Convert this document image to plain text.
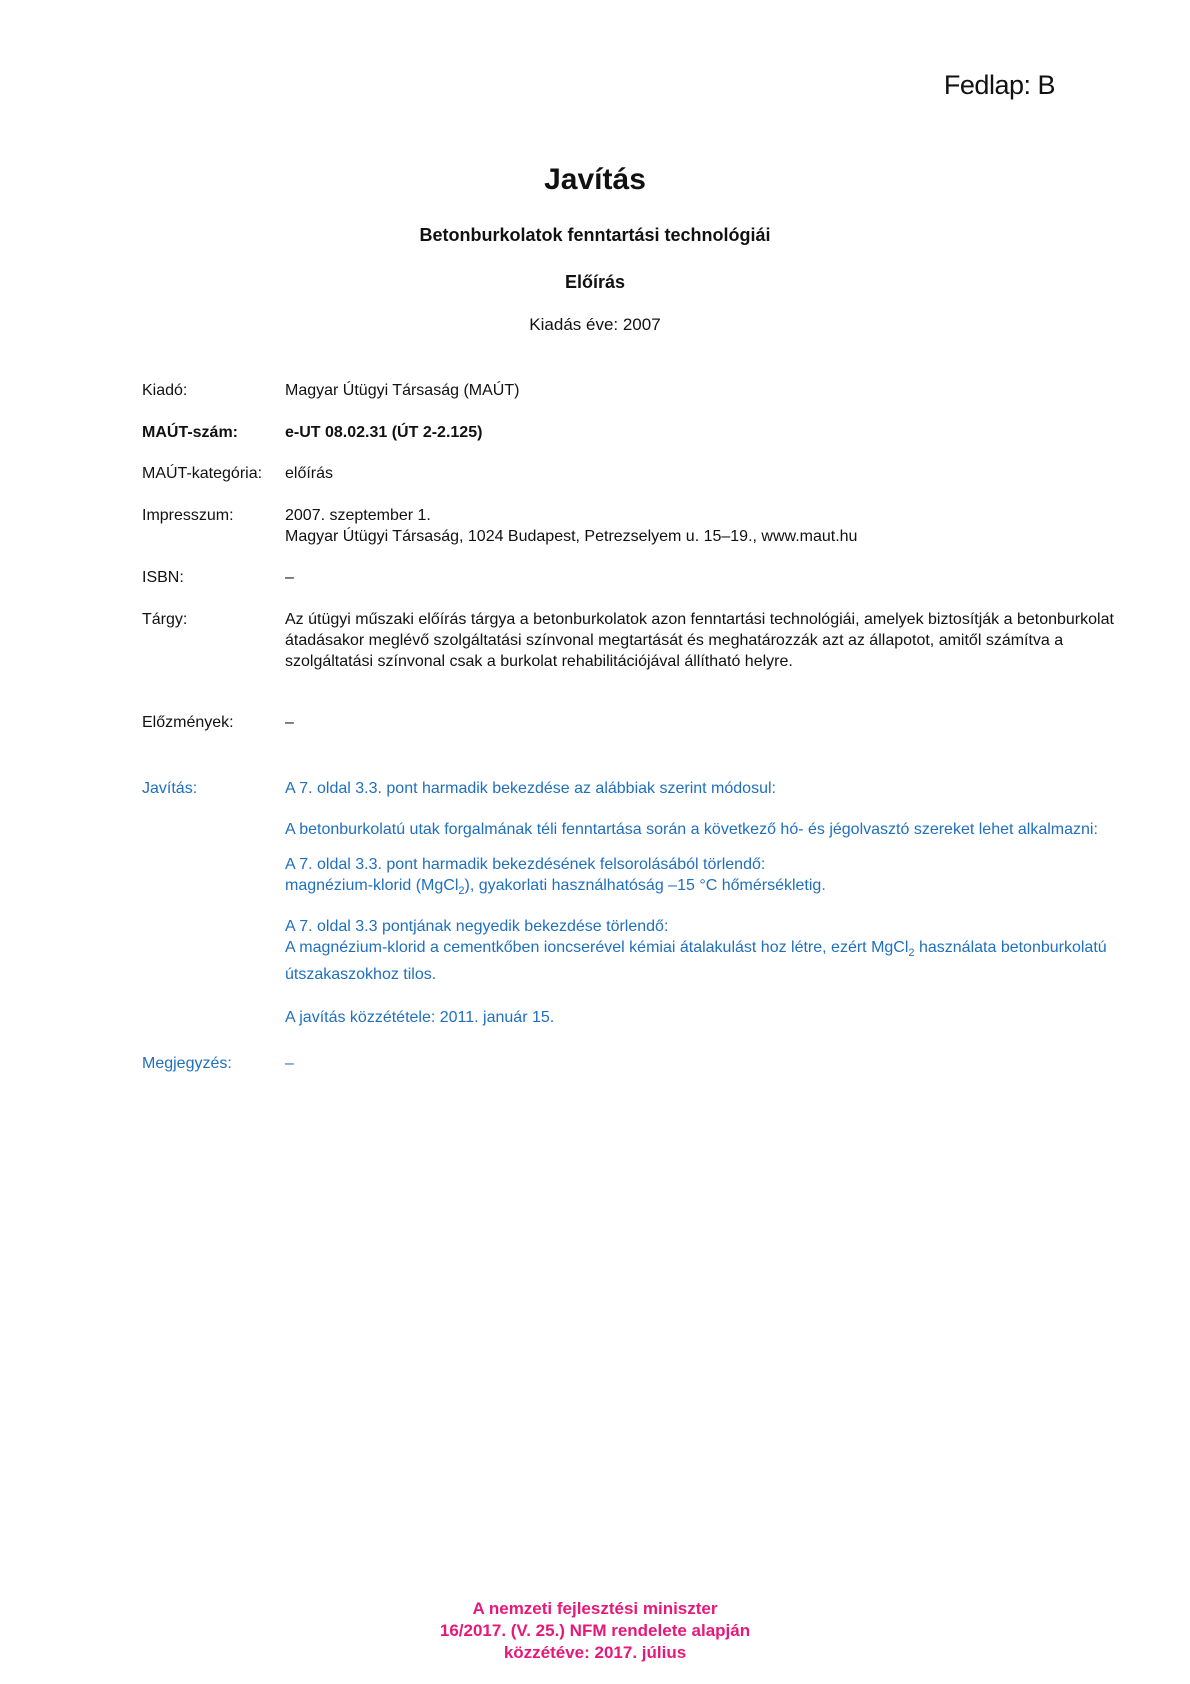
Fedlap: B
Javítás
Betonburkolatok fenntartási technológiái
Előírás
Kiadás éve: 2007
Kiadó:	Magyar Útügyi Társaság (MAÚT)
MAÚT-szám:	e-UT 08.02.31 (ÚT 2-2.125)
MAÚT-kategória:	előírás
Impresszum:	2007. szeptember 1.
Magyar Útügyi Társaság, 1024 Budapest, Petrezselyem u. 15–19., www.maut.hu
ISBN:	–
Tárgy:	Az útügyi műszaki előírás tárgya a betonburkolatok azon fenntartási technológiái, amelyek biztosítják a betonburkolat átadásakor meglévő szolgáltatási színvonal megtartását és meghatározzák azt az állapotot, amitől számítva a szolgáltatási színvonal csak a burkolat rehabilitációjával állítható helyre.
Előzmények:	–
Javítás:	A 7. oldal 3.3. pont harmadik bekezdése az alábbiak szerint módosul:

A betonburkolatú utak forgalmának téli fenntartása során a következő hó- és jégolvasztó szereket lehet alkalmazni:

A 7. oldal 3.3. pont harmadik bekezdésének felsorolásából törlendő:
magnézium-klorid (MgCl$_2$), gyakorlati használhatóság –15 °C hőmérsékletig.

A 7. oldal 3.3 pontjának negyedik bekezdése törlendő:
A magnézium-klorid a cementkőben ioncserével kémiai átalakulást hoz létre, ezért MgCl$_2$ használata betonburkolatú útszakaszokhoz tilos.

A javítás közzététele: 2011. január 15.

Megjegyzés:	–
A nemzeti fejlesztési miniszter
16/2017. (V. 25.) NFM rendelete alapján
közzétéve: 2017. július
